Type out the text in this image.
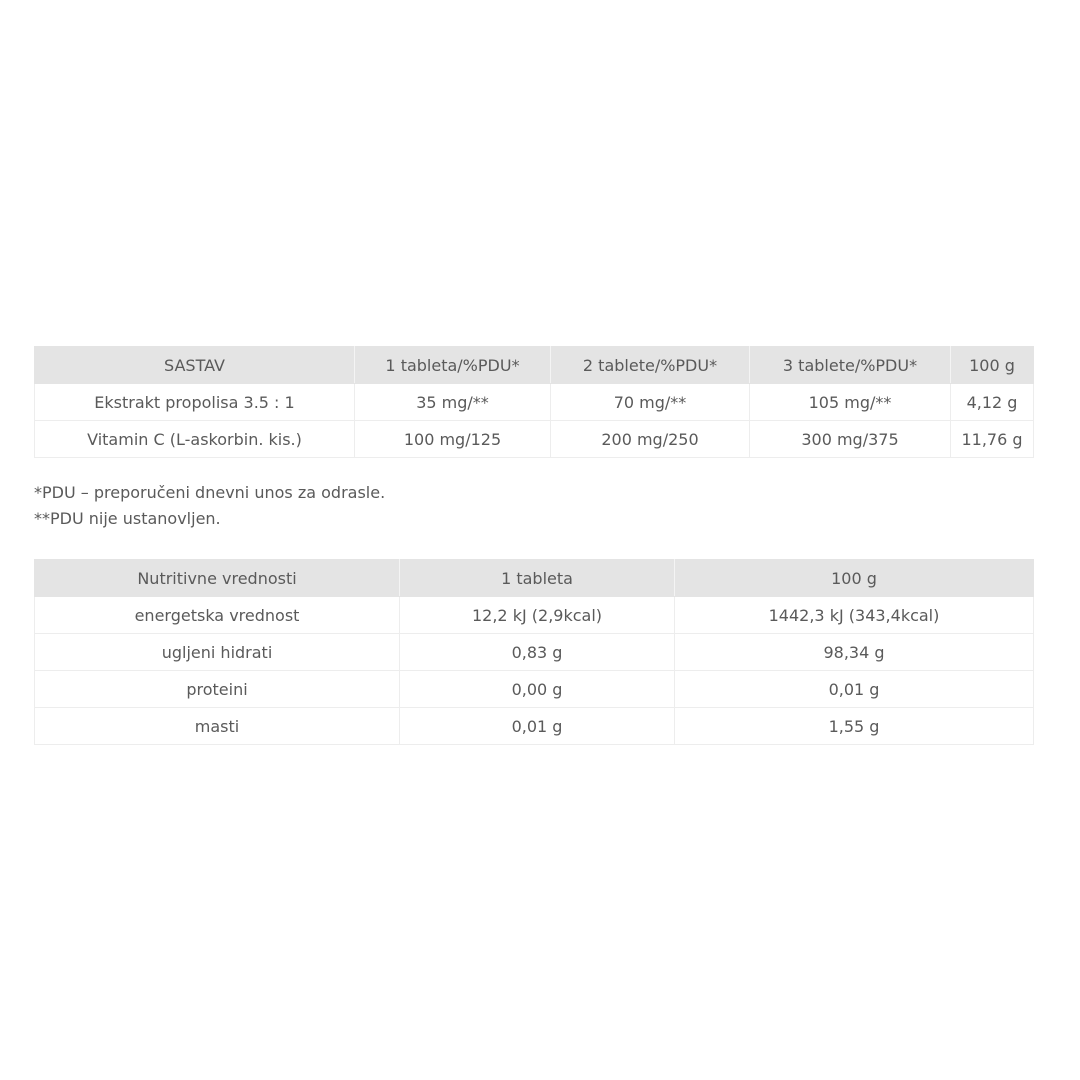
SASTAV	1 tableta/%PDU*	2 tablete/%PDU*	3 tablete/%PDU*	100 g
Ekstrakt propolisa 3.5 : 1	35 mg/**	70 mg/**	105 mg/**	4,12 g
Vitamin C (L-askorbin. kis.)	100 mg/125	200 mg/250	300 mg/375	11,76 g

*PDU – preporučeni dnevni unos za odrasle.

**PDU nije ustanovljen.

Nutritivne vrednosti	1 tableta	100 g
energetska vrednost	12,2 kJ (2,9kcal)	1442,3 kJ (343,4kcal)
ugljeni hidrati	0,83 g	98,34 g
proteini	0,00 g	0,01 g
masti	0,01 g	1,55 g
